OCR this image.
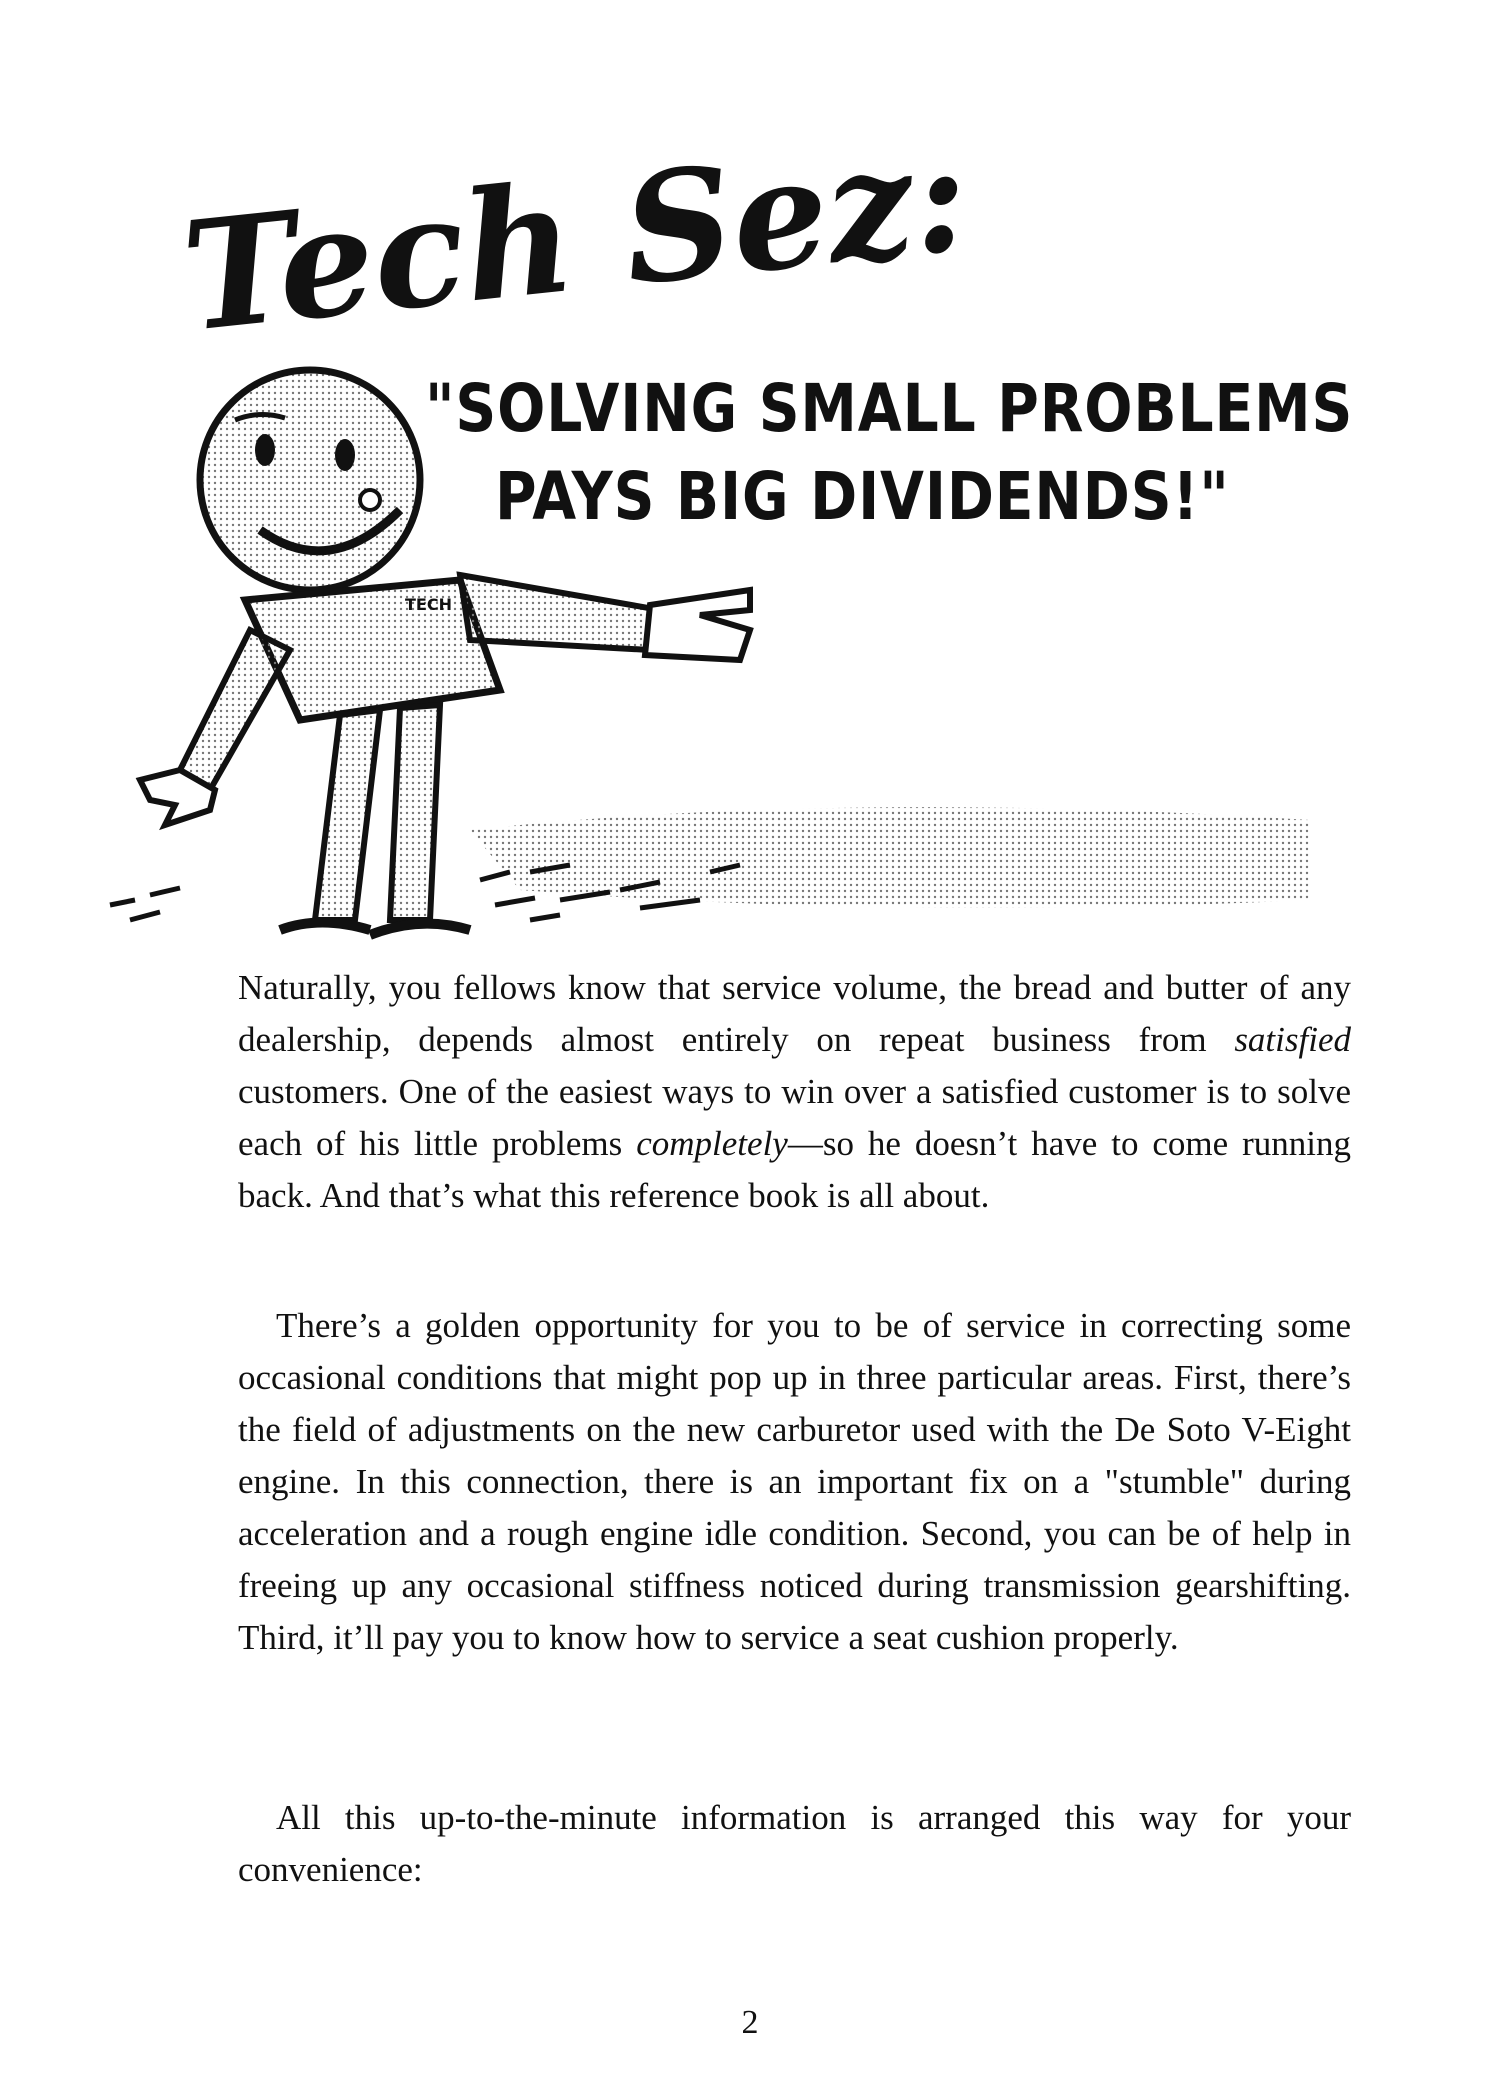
Tech Sez:
"SOLVING SMALL PROBLEMS
PAYS BIG DIVIDENDS!"
TECH

Naturally, you fellows know that service volume, the bread and butter of any dealership, depends almost entirely on repeat business from satisfied customers. One of the easiest ways to win over a satisfied customer is to solve each of his little problems completely—so he doesn’t have to come running back. And that’s what this reference book is all about.

There’s a golden opportunity for you to be of service in correcting some occasional conditions that might pop up in three particular areas. First, there’s the field of adjustments on the new carburetor used with the De Soto V-Eight engine. In this connection, there is an important fix on a "stumble" during acceleration and a rough engine idle condition. Second, you can be of help in freeing up any occasional stiffness noticed during transmission gearshifting. Third, it’ll pay you to know how to service a seat cushion properly.

All this up-to-the-minute information is arranged this way for your convenience:

2
